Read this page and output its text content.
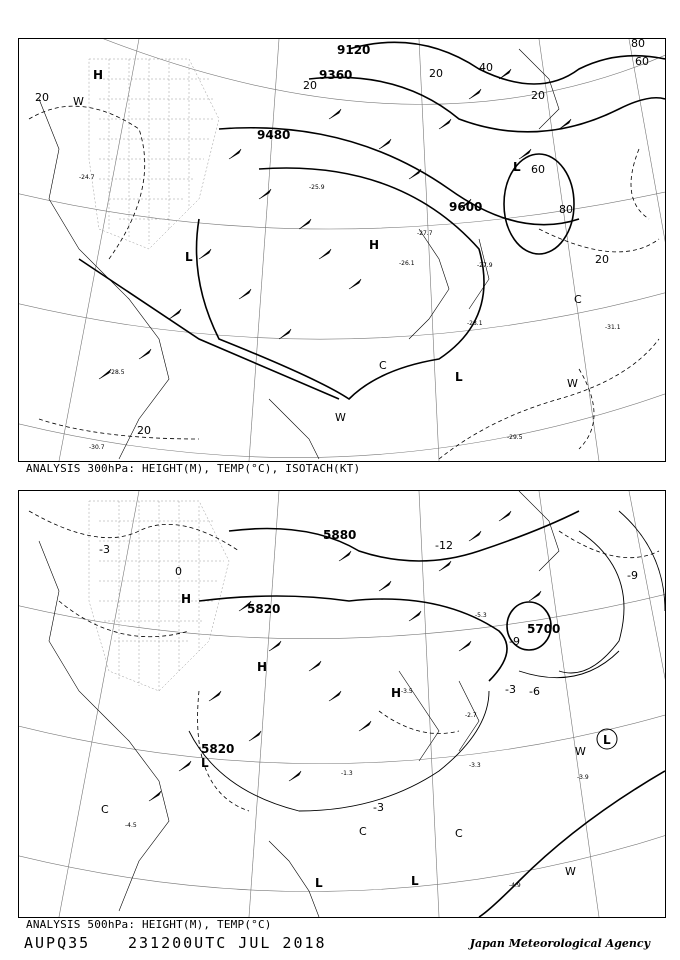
9120
9360
9480
9600
20
20
20
20
40
60
80
60
80
20
20
H
H
L
L
L
C
C
W
W
W
-27.7
-28.1
-27.9
-31.1
-29.5
-30.7
-25.9
-28.5
-24.7
-26.1
ANALYSIS 300hPa: HEIGHT(M), TEMP(°C), ISOTACH(KT)
5700
5820
5820
5880
-12
-9
-9
-6
-3
-3
0
-3
H
H
H
L
L
L	L
C
C	C
W
W
-3.5
-4.9
-3.9
-4.5
-3.3
-2.7
-1.3
-5.3
ANALYSIS 500hPa: HEIGHT(M), TEMP(°C)
AUPQ35	231200UTC JUL 2018	Japan Meteorological Agency
